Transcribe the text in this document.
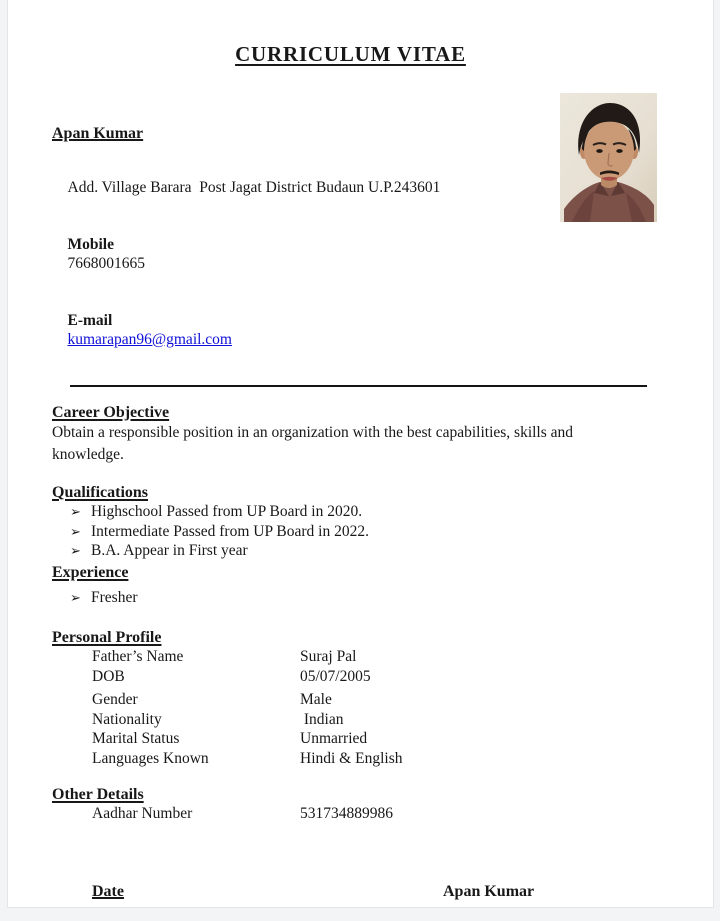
CURRICULUM VITAE
Apan Kumar

Add. Village Barara  Post Jagat District Budaun U.P.243601

Mobile
7668001665

E-mail
kumarapan96@gmail.com

Career Objective
Obtain a responsible position in an organization with the best capabilities, skills and
knowledge.
Qualifications
➢ Highschool Passed from UP Board in 2020.
➢ Intermediate Passed from UP Board in 2022.
➢ B.A. Appear in First year
Experience
➢ Fresher
Personal Profile
Father’s Name	Suraj Pal
DOB	05/07/2005
Gender	Male
Nationality	Indian
Marital Status	Unmarried
Languages Known	Hindi & English
Other Details
Aadhar Number	531734889986
Date	Apan Kumar
